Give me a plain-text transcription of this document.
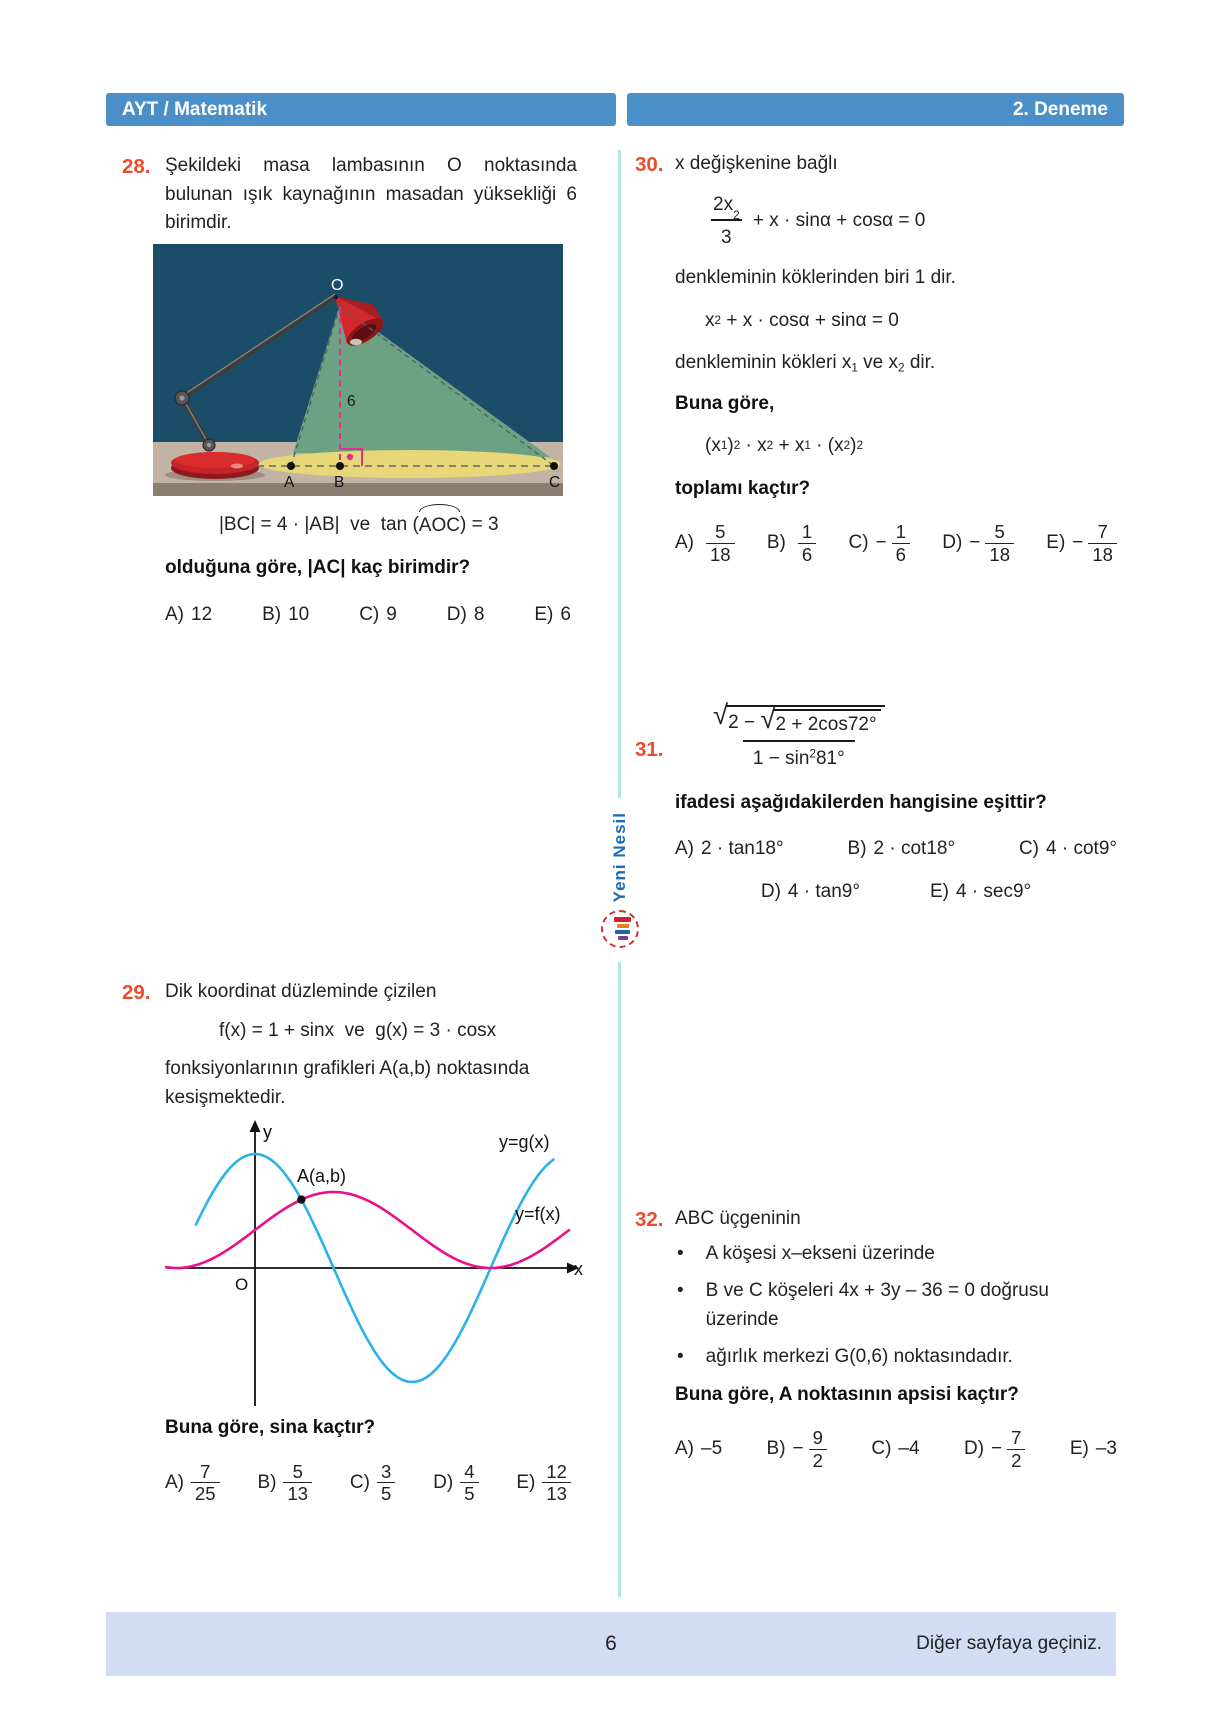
AYT / Matematik	2. Deneme
Yeni Nesil
28. Şekildeki masa lambasının O noktasında bulunan ışık kaynağının masadan yüksekliği 6 birimdir.

O
6
A	B	C
|BC| = 4 · |AB|  ve  tan ( AOC ) = 3

olduğuna göre, |AC| kaç birimdir?

A) 12	B) 10	C) 9	D) 8	E) 6
29. Dik koordinat düzleminde çizilen

f(x) = 1 + sinx  ve  g(x) = 3 · cosx

fonksiyonlarının grafikleri A(a,b) noktasında kesişmektedir.

A(a,b)
y
x
O
y=g(x)
y=f(x)

Buna göre, sina kaçtır?

A)
7
25
B)
5
13
C)
3
5
D)
4
5
E)
12
13
30. x değişkenine bağlı

2x
2
3
+ x · sinα + cosα = 0

denkleminin köklerinden biri 1 dir.

x 2 + x · cosα + sinα = 0

denkleminin kökleri $x_1$ ve $x_2$ dir.

Buna göre,

(x 1 ) 2 · x 2 + x 1 · (x 2 ) 2

toplamı kaçtır?

A)
5
18
B)
1
6
$C) - \frac{1}{6} D) - \frac{5}{18} E) - \frac{7}{18}$
31.
√ 2 − √ 2 + 2cos72°
$1 - \sin^281^\circ$

ifadesi aşağıdakilerden hangisine eşittir?

A) 2 · tan18°	B) 2 · cot18°	C) 4 · cot9°
D) 4 · tan9°	E) 4 · sec9°
32. ABC üçgeninin

• A köşesi x–ekseni üzerinde
• B ve C köşeleri 4x + 3y – 36 = 0 doğrusu üzerinde
• ağırlık merkezi G(0,6) noktasındadır.

Buna göre, A noktasının apsisi kaçtır?

A) –5 $B) - \frac{9}{2} C$) –4 $D) - \frac{7}{2} E$) –3
6	Diğer sayfaya geçiniz.
